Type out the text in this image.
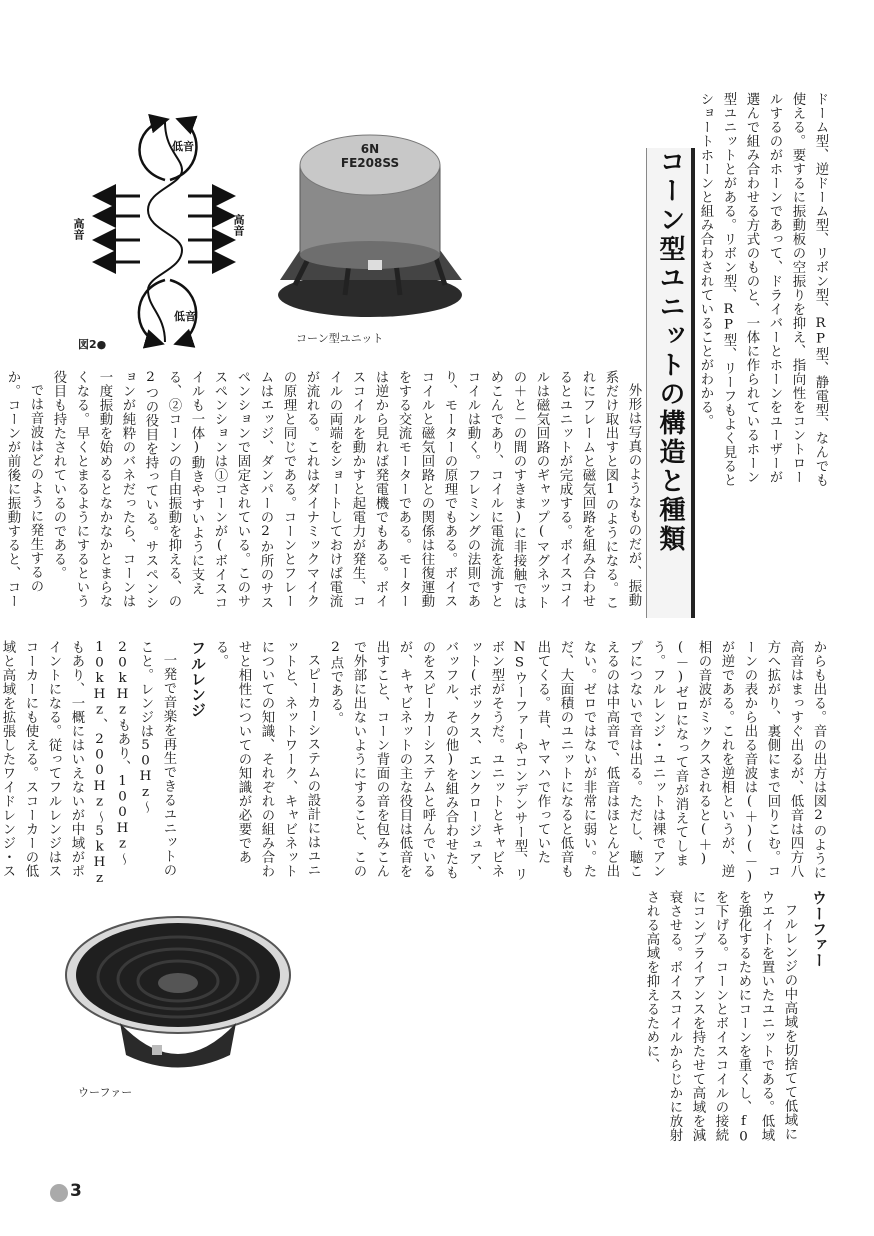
低音
低音
高音	高音
図2●
6N
FE208SS
コーン型ユニット	コーン型ユニットの構造と種類	ドーム型、逆ドーム型、リボン型、RP型、静電型、なんでも使える。要するに振動板の空振りを抑え、指向性をコントロールするのがホーンであって、ドライバーとホーンをユーザーが選んで組み合わせる方式のものと、一体に作られているホーン型ユニットとがある。リボン型、RP型、リーフもよく見るとショートホーンと組み合わされていることがわかる。

外形は写真のようなものだが、振動系だけ取出すと図1のようになる。これにフレームと磁気回路を組み合わせるとユニットが完成する。ボイスコイルは磁気回路のギャップ(マグネットの＋と－の間のすきま)に非接触ではめこんであり、コイルに電流を流すとコイルは動く。フレミングの法則であり、モーターの原理でもある。ボイスコイルと磁気回路との関係は往復運動をする交流モーターである。モーターは逆から見れば発電機でもある。ボイスコイルを動かすと起電力が発生、コイルの両端をショートしておけば電流が流れる。これはダイナミックマイクの原理と同じである。コーンとフレームはエッジ、ダンパーの2か所のサスペンションで固定されている。このサスペンションは①コーンが(ボイスコイルも一体)動きやすいように支える、②コーンの自由振動を抑える、の2つの役目を持っている。サスペンションが純粋のバネだったら、コーンは一度振動を始めるとなかなかとまらなくなる。早くとまるようにするという役目も持たされているのである。

では音波はどのように発生するのか。コーンが前後に振動すると、コー

からも出る。音の出方は図2のように高音はまっすぐ出るが、低音は四方八方へ拡がり、裏側にまで回りこむ。コーンの表から出る音波は(＋)(－)が逆である。これを逆相というが、逆相の音波がミックスされると(＋)(－)ゼロになって音が消えてしまう。フルレンジ・ユニットは裸でアンプにつないで音は出る。ただし、聴こえるのは中高音で、低音はほとんど出ない。ゼロではないが非常に弱い。ただ、大面積のユニットになると低音も出てくる。昔、ヤマハで作っていたNSウーファーやコンデンサー型、リボン型がそうだ。ユニットとキャビネット(ボックス、エンクロージュア、バッフル、その他)を組み合わせたものをスピーカーシステムと呼んでいるが、キャビネットの主な役目は低音を出すこと、コーン背面の音を包みこんで外部に出ないようにすること、この2点である。

スピーカーシステムの設計にはユニットと、ネットワーク、キャビネットについての知識、それぞれの組み合わせと相性についての知識が必要である。

フルレンジ

一発で音楽を再生できるユニットのこと。レンジは50Hz～20kHzもあり、100Hz～10kHz、200Hz～5kHzもあり、一概にはいえないが中域がポイントになる。従ってフルレンジはスコーカーにも使える。スコーカーの低域と高域を拡張したワイドレンジ・ス

ウーファー

フルレンジの中高域を切捨てて低域にウエイトを置いたユニットである。低域を強化するためにコーンを重くし、f0を下げる。コーンとボイスコイルの接続にコンプライアンスを持たせて高域を減衰させる。ボイスコイルからじかに放射される高域を抑えるために、

ウーファー
3
